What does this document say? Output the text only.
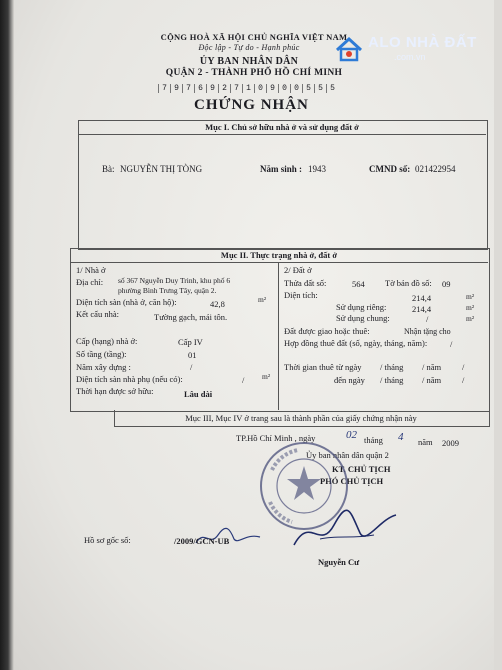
CỘNG HOÀ XÃ HỘI CHỦ NGHĨA VIỆT NAM
Độc lập - Tự do - Hạnh phúc
ỦY BAN NHÂN DÂN
QUẬN 2 - THÀNH PHỐ HỒ CHÍ MINH
7 9 7 6 9 2 7 1 0 9 0 0 5 5 5
CHỨNG NHẬN
Mục I. Chủ sở hữu nhà ở và sử dụng đất ở
Bà: NGUYỄN THỊ TÒNG	Năm sinh : 1943	CMND số: 021422954
Mục II. Thực trạng nhà ở, đất ở
1/ Nhà ở
Địa chỉ: số 367 Nguyễn Duy Trinh, khu phố 6
phường Bình Trưng Tây, quận 2.
Diện tích sàn (nhà ở, căn hộ):	42,8	m²
Kết cấu nhà:	Tường gạch, mái tôn.
Cấp (hạng) nhà ở:	Cấp IV
Số tầng (tầng):	01
Năm xây dựng :	/
Diện tích sàn nhà phụ (nếu có):	/ m²
Thời hạn được sở hữu:	Lâu dài
2/ Đất ở
Thửa đất số:	564 Tờ bản đồ số: 09
Diện tích:	214,4	m²
Sử dụng riêng:	214,4	m²
Sử dụng chung:	/	m²
Đất được giao hoặc thuê:	Nhận tặng cho
Hợp đồng thuê đất (số, ngày, tháng, năm):	/
Thời gian thuê từ ngày / tháng / năm /
đến ngày / tháng / năm /
Mục III, Mục IV ở trang sau là thành phần của giấy chứng nhận này
TP.Hồ Chí Minh , ngày	02 tháng 4 năm 2009
Ủy ban nhân dân quận 2
KT. CHỦ TỊCH
PHÓ CHỦ TỊCH
Hồ sơ gốc số:	/2009/GCN-UB
Nguyễn Cư
ALO NHÀ ĐẤT
.com.vn
